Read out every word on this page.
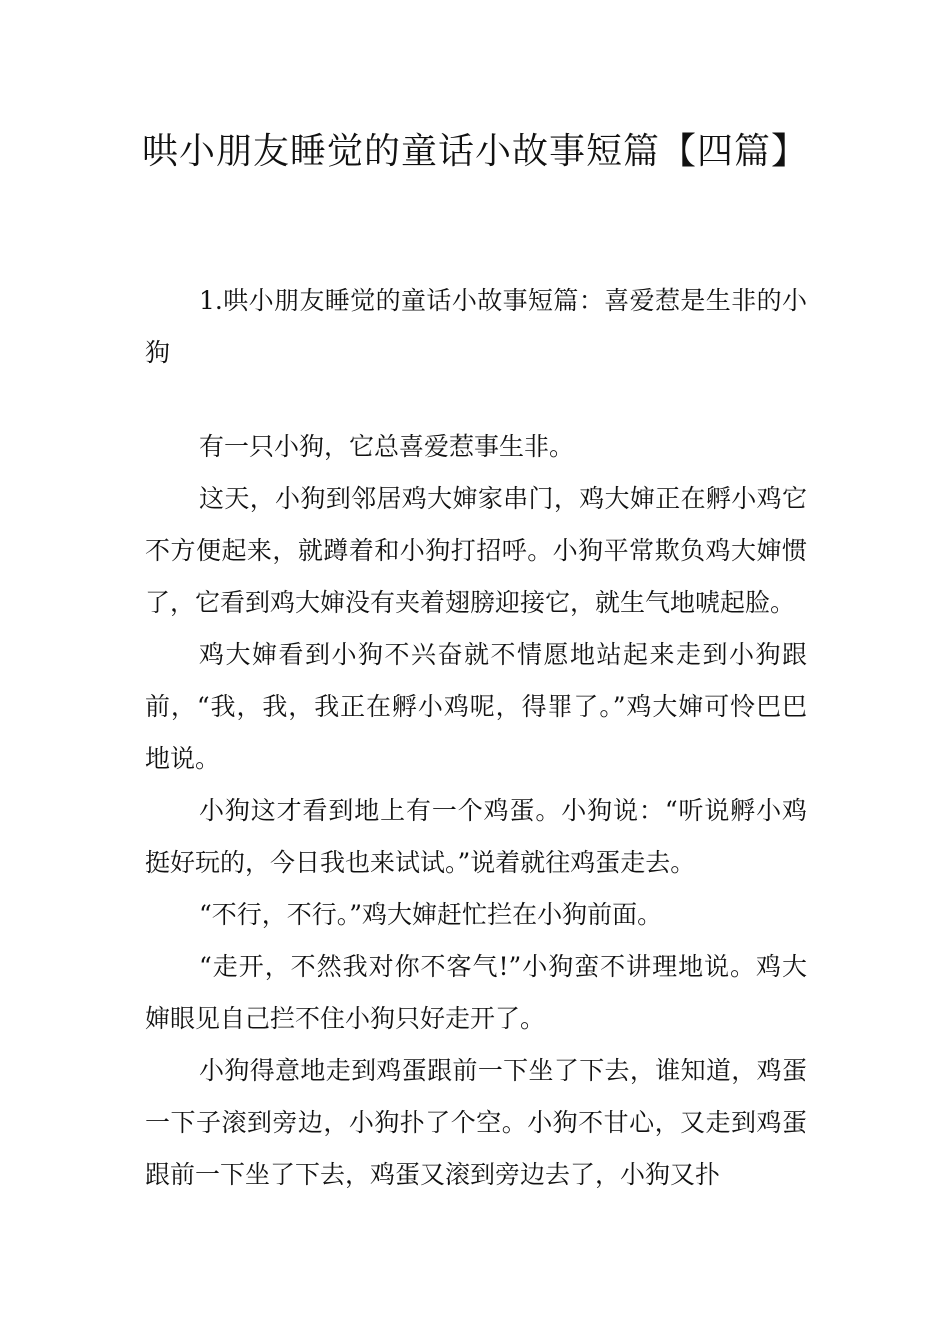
哄小朋友睡觉的童话小故事短篇【四篇】

1.哄小朋友睡觉的童话小故事短篇：喜爱惹是生非的小狗

有一只小狗，它总喜爱惹事生非。

这天，小狗到邻居鸡大婶家串门，鸡大婶正在孵小鸡它不方便起来，就蹲着和小狗打招呼。小狗平常欺负鸡大婶惯了，它看到鸡大婶没有夹着翅膀迎接它，就生气地唬起脸。

鸡大婶看到小狗不兴奋就不情愿地站起来走到小狗跟前，“我，我，我正在孵小鸡呢，得罪了。”鸡大婶可怜巴巴地说。

小狗这才看到地上有一个鸡蛋。小狗说：“听说孵小鸡挺好玩的，今日我也来试试。”说着就往鸡蛋走去。

“不行，不行。”鸡大婶赶忙拦在小狗前面。

“走开，不然我对你不客气!”小狗蛮不讲理地说。鸡大婶眼见自己拦不住小狗只好走开了。

小狗得意地走到鸡蛋跟前一下坐了下去，谁知道，鸡蛋一下子滚到旁边，小狗扑了个空。小狗不甘心，又走到鸡蛋跟前一下坐了下去，鸡蛋又滚到旁边去了，小狗又扑
